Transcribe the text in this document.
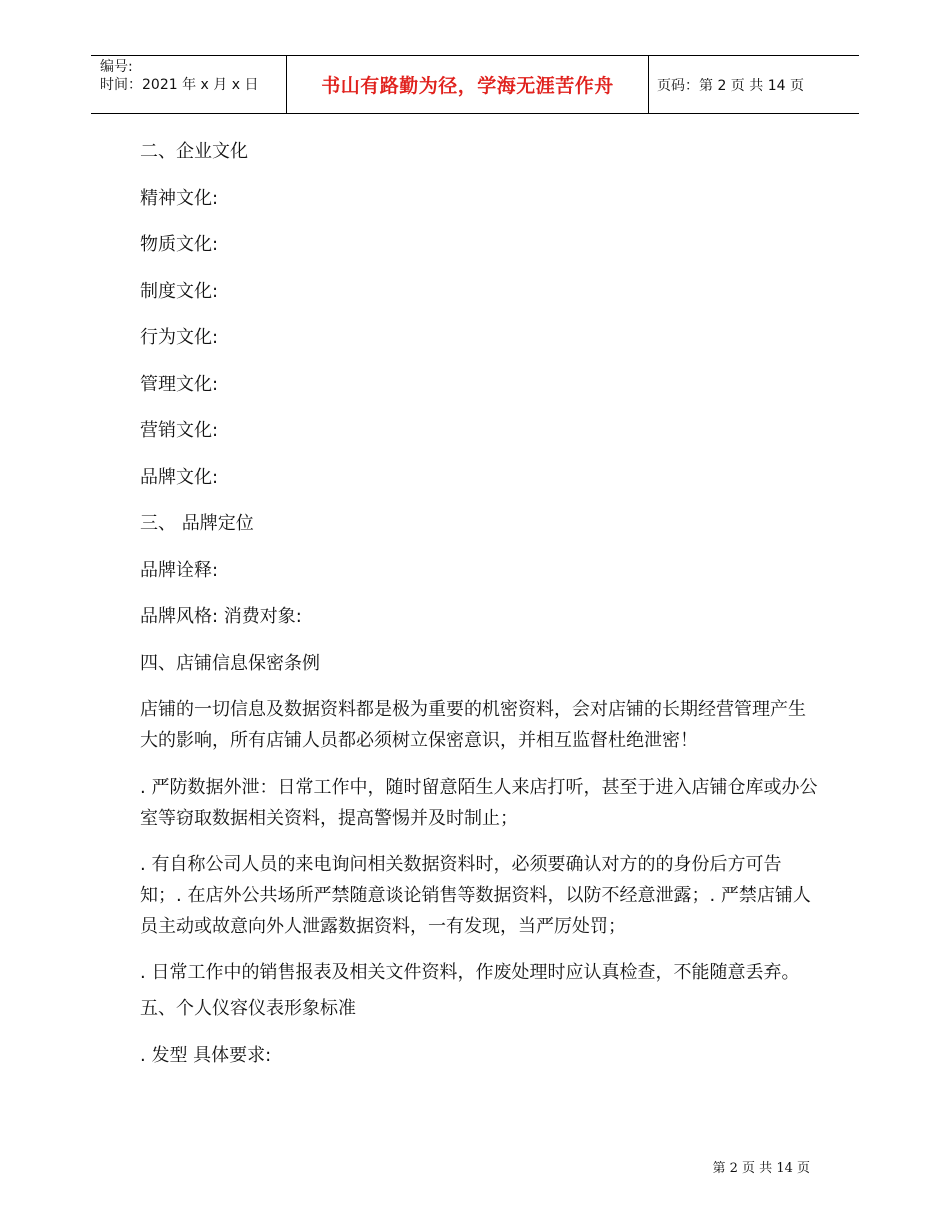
编号:
时间：2021 年 x 月 x 日	书山有路勤为径，学海无涯苦作舟	页码：第 2 页 共 14 页

二、企业文化

精神文化:

物质文化:

制度文化:

行为文化:

管理文化:

营销文化:

品牌文化:

三、 品牌定位

品牌诠释:

品牌风格: 消费对象:

四、店铺信息保密条例

店铺的一切信息及数据资料都是极为重要的机密资料，会对店铺的长期经营管理产生大的影响，所有店铺人员都必须树立保密意识，并相互监督杜绝泄密！

. 严防数据外泄：日常工作中，随时留意陌生人来店打听，甚至于进入店铺仓库或办公室等窃取数据相关资料，提高警惕并及时制止；

. 有自称公司人员的来电询问相关数据资料时，必须要确认对方的的身份后方可告知；. 在店外公共场所严禁随意谈论销售等数据资料，以防不经意泄露；. 严禁店铺人员主动或故意向外人泄露数据资料，一有发现，当严厉处罚；

. 日常工作中的销售报表及相关文件资料，作废处理时应认真检查，不能随意丢弃。

五、个人仪容仪表形象标准

. 发型 具体要求:

第 2 页 共 14 页
